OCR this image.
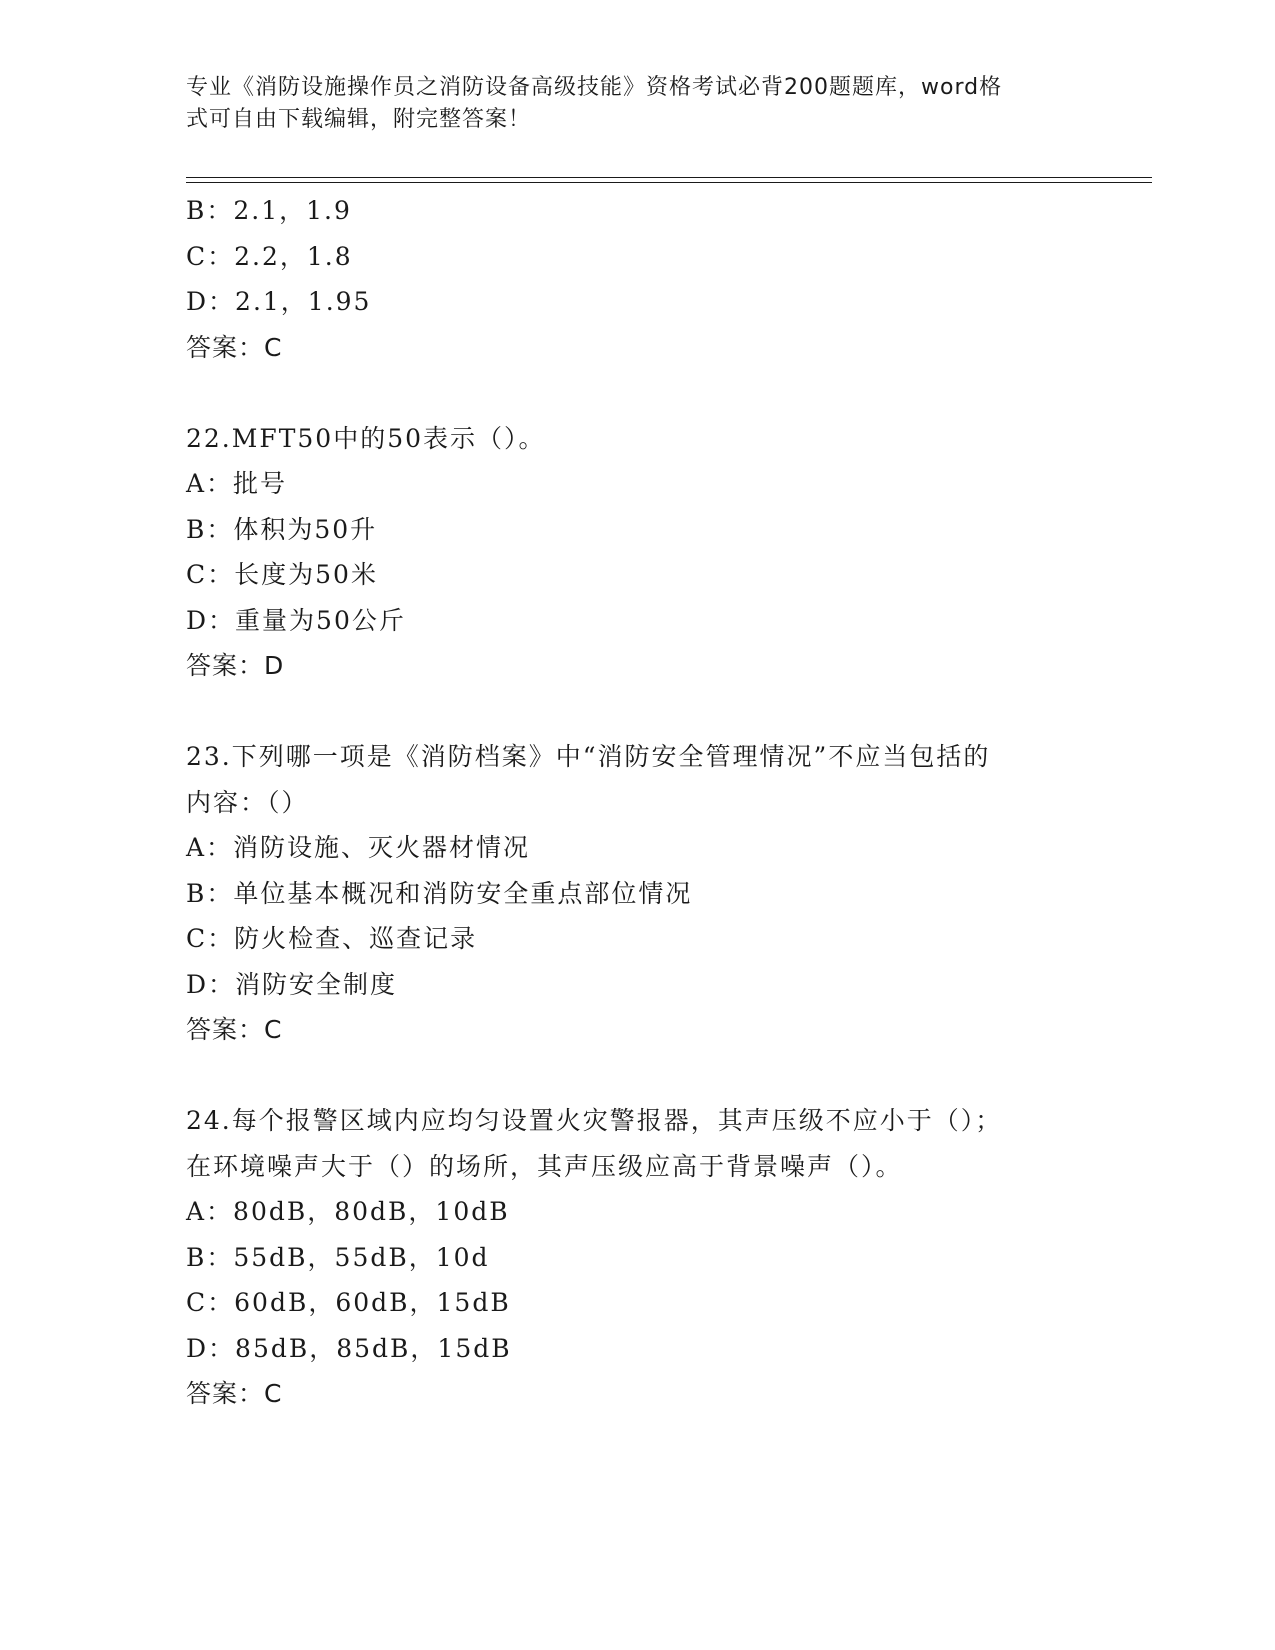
专业《消防设施操作员之消防设备高级技能》资格考试必背200题题库，word格
式可自由下载编辑，附完整答案！
B：2.1，1.9
C：2.2，1.8
D：2.1，1.95
答案：C
22.MFT50中的50表示（）。
A：批号
B：体积为50升
C：长度为50米
D：重量为50公斤
答案：D
23.下列哪一项是《消防档案》中“消防安全管理情况”不应当包括的
内容：（）
A：消防设施、灭火器材情况
B：单位基本概况和消防安全重点部位情况
C：防火检查、巡查记录
D：消防安全制度
答案：C
24.每个报警区域内应均匀设置火灾警报器，其声压级不应小于（）；
在环境噪声大于（）的场所，其声压级应高于背景噪声（）。
A：80dB，80dB，10dB
B：55dB，55dB，10d
C：60dB，60dB，15dB
D：85dB，85dB，15dB
答案：C
